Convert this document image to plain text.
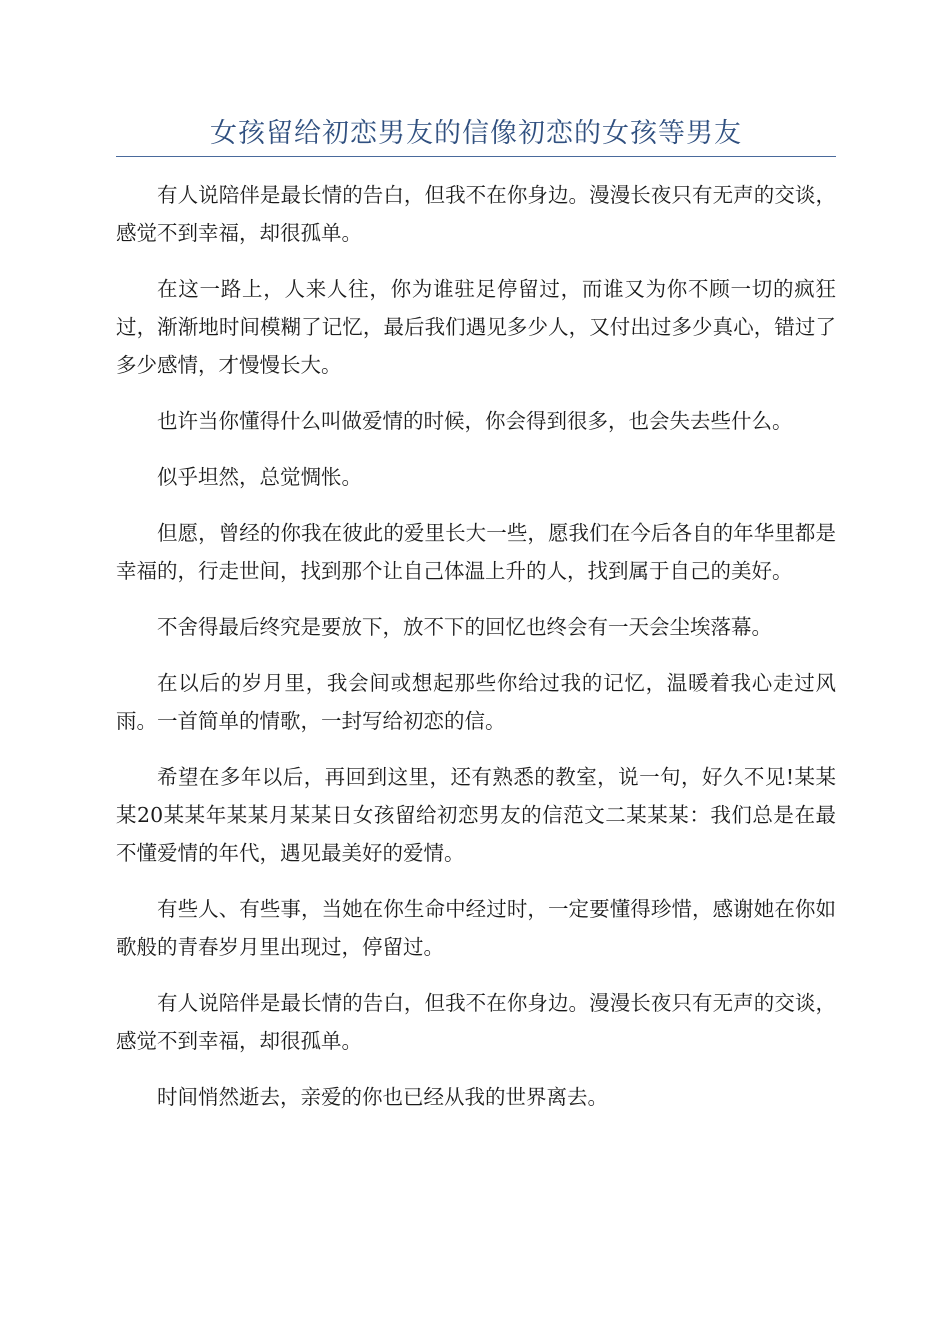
女孩留给初恋男友的信像初恋的女孩等男友

有人说陪伴是最长情的告白，但我不在你身边。漫漫长夜只有无声的交谈，感觉不到幸福，却很孤单。

在这一路上，人来人往，你为谁驻足停留过，而谁又为你不顾一切的疯狂过，渐渐地时间模糊了记忆，最后我们遇见多少人，又付出过多少真心，错过了多少感情，才慢慢长大。

也许当你懂得什么叫做爱情的时候，你会得到很多，也会失去些什么。

似乎坦然，总觉惆怅。

但愿，曾经的你我在彼此的爱里长大一些，愿我们在今后各自的年华里都是幸福的，行走世间，找到那个让自己体温上升的人，找到属于自己的美好。

不舍得最后终究是要放下，放不下的回忆也终会有一天会尘埃落幕。

在以后的岁月里，我会间或想起那些你给过我的记忆，温暖着我心走过风雨。一首简单的情歌，一封写给初恋的信。

希望在多年以后，再回到这里，还有熟悉的教室，说一句，好久不见!某某某20某某年某某月某某日女孩留给初恋男友的信范文二某某某：我们总是在最不懂爱情的年代，遇见最美好的爱情。

有些人、有些事，当她在你生命中经过时，一定要懂得珍惜，感谢她在你如歌般的青春岁月里出现过，停留过。

有人说陪伴是最长情的告白，但我不在你身边。漫漫长夜只有无声的交谈，感觉不到幸福，却很孤单。

时间悄然逝去，亲爱的你也已经从我的世界离去。
